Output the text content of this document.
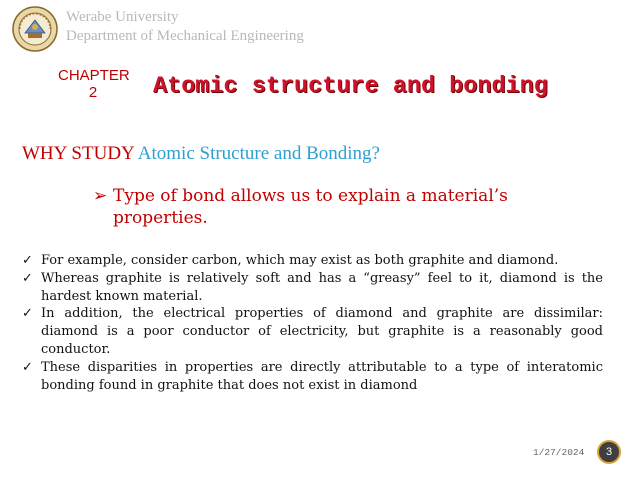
Werabe University
Department of Mechanical Engineering
CHAPTER
2	Atomic structure and bonding
WHY STUDY Atomic Structure and Bonding?
➢ Type of bond allows us to explain a material’s properties.
✓ For example, consider carbon, which may exist as both graphite and diamond.
✓ Whereas graphite is relatively soft and has a “greasy” feel to it, diamond is the hardest known material.
✓ In addition, the electrical properties of diamond and graphite are dissimilar: diamond is a poor conductor of electricity, but graphite is a reasonably good conductor.
✓ These disparities in properties are directly attributable to a type of interatomic bonding found in graphite that does not exist in diamond
1/27/2024	3
